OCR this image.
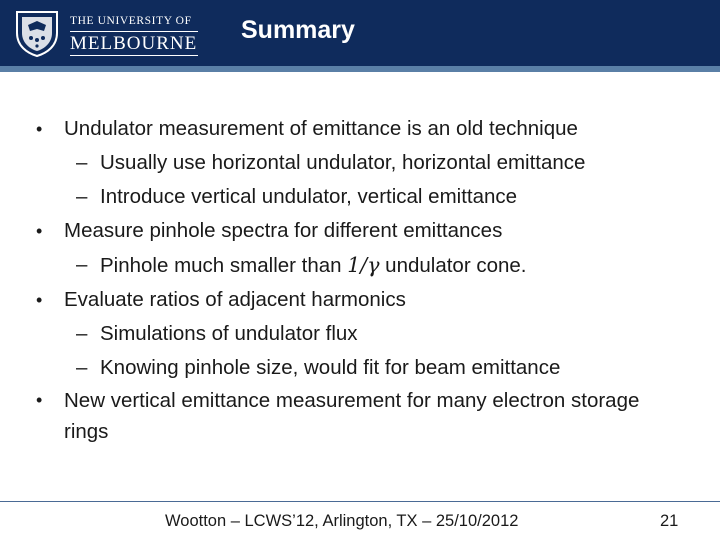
THE UNIVERSITY OF
MELBOURNE Summary
• Undulator measurement of emittance is an old technique
– Usually use horizontal undulator, horizontal emittance
– Introduce vertical undulator, vertical emittance
• Measure pinhole spectra for different emittances
– Pinhole much smaller than 1/γ undulator cone.
• Evaluate ratios of adjacent harmonics
– Simulations of undulator flux
– Knowing pinhole size, would fit for beam emittance
• New vertical emittance measurement for many electron storage rings
Wootton – LCWS’12, Arlington, TX – 25/10/2012	21
